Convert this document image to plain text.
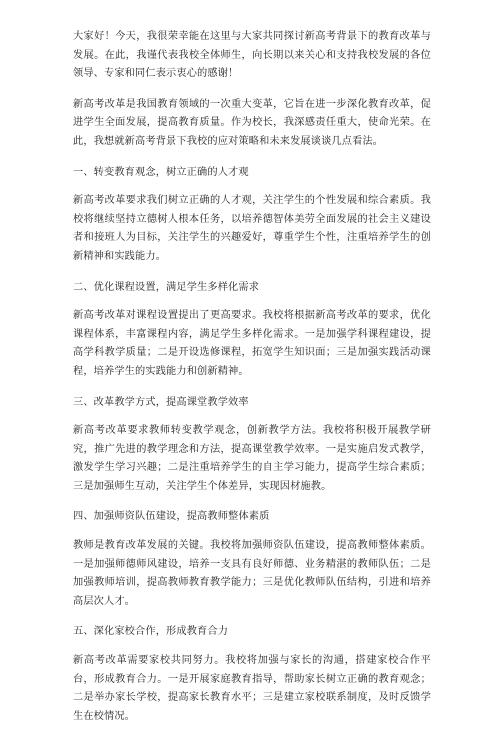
大家好！今天，我很荣幸能在这里与大家共同探讨新高考背景下的教育改革与发展。在此，我谨代表我校全体师生，向长期以来关心和支持我校发展的各位领导、专家和同仁表示衷心的感谢！

新高考改革是我国教育领域的一次重大变革，它旨在进一步深化教育改革，促进学生全面发展，提高教育质量。作为校长，我深感责任重大，使命光荣。在此，我想就新高考背景下我校的应对策略和未来发展谈谈几点看法。

一、转变教育观念，树立正确的人才观

新高考改革要求我们树立正确的人才观，关注学生的个性发展和综合素质。我校将继续坚持立德树人根本任务，以培养德智体美劳全面发展的社会主义建设者和接班人为目标，关注学生的兴趣爱好，尊重学生个性，注重培养学生的创新精神和实践能力。

二、优化课程设置，满足学生多样化需求

新高考改革对课程设置提出了更高要求。我校将根据新高考改革的要求，优化课程体系，丰富课程内容，满足学生多样化需求。一是加强学科课程建设，提高学科教学质量；二是开设选修课程，拓宽学生知识面；三是加强实践活动课程，培养学生的实践能力和创新精神。

三、改革教学方式，提高课堂教学效率

新高考改革要求教师转变教学观念，创新教学方法。我校将积极开展教学研究，推广先进的教学理念和方法，提高课堂教学效率。一是实施启发式教学，激发学生学习兴趣；二是注重培养学生的自主学习能力，提高学生综合素质；三是加强师生互动，关注学生个体差异，实现因材施教。

四、加强师资队伍建设，提高教师整体素质

教师是教育改革发展的关键。我校将加强师资队伍建设，提高教师整体素质。一是加强师德师风建设，培养一支具有良好师德、业务精湛的教师队伍；二是加强教师培训，提高教师教育教学能力；三是优化教师队伍结构，引进和培养高层次人才。

五、深化家校合作，形成教育合力

新高考改革需要家校共同努力。我校将加强与家长的沟通，搭建家校合作平台，形成教育合力。一是开展家庭教育指导，帮助家长树立正确的教育观念；二是举办家长学校，提高家长教育水平；三是建立家校联系制度，及时反馈学生在校情况。
